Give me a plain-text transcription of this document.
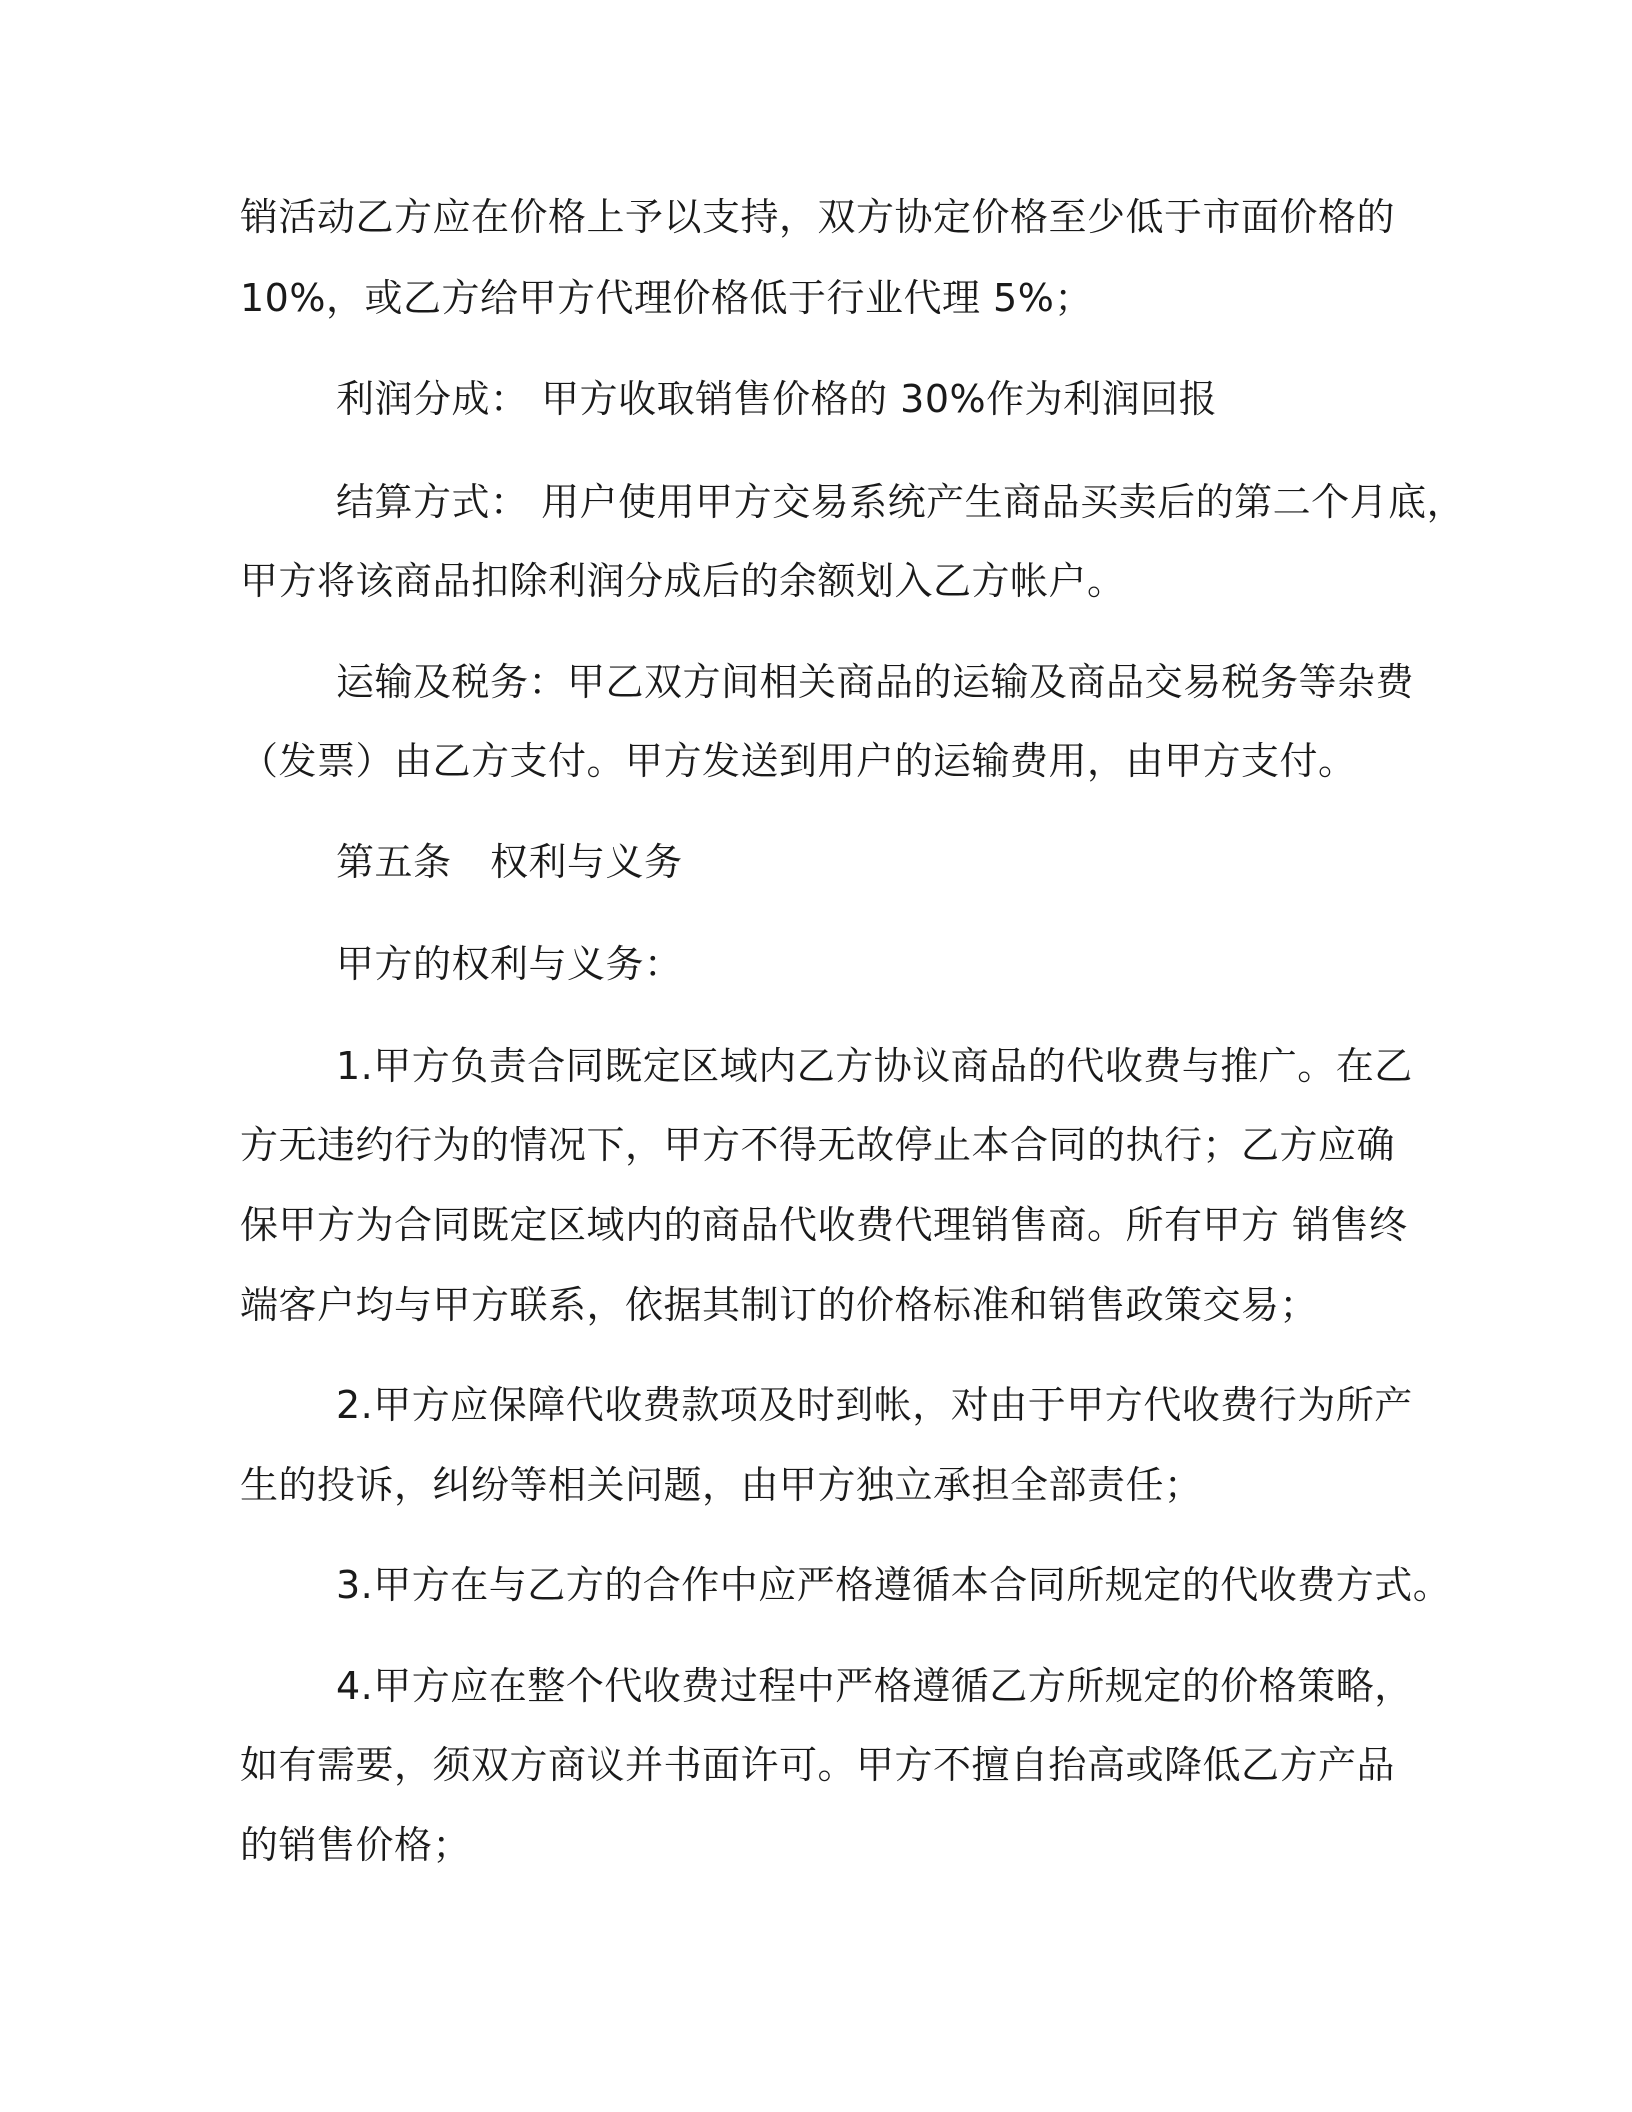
销活动乙方应在价格上予以支持，双方协定价格至少低于市面价格的
10%，或乙方给甲方代理价格低于行业代理 5%；
利润分成： 甲方收取销售价格的 30%作为利润回报
结算方式： 用户使用甲方交易系统产生商品买卖后的第二个月底，
甲方将该商品扣除利润分成后的余额划入乙方帐户。
运输及税务：甲乙双方间相关商品的运输及商品交易税务等杂费
（发票）由乙方支付。甲方发送到用户的运输费用，由甲方支付。
第五条　权利与义务
甲方的权利与义务：
1.甲方负责合同既定区域内乙方协议商品的代收费与推广。在乙
方无违约行为的情况下，甲方不得无故停止本合同的执行；乙方应确
保甲方为合同既定区域内的商品代收费代理销售商。所有甲方 销售终
端客户均与甲方联系，依据其制订的价格标准和销售政策交易；
2.甲方应保障代收费款项及时到帐，对由于甲方代收费行为所产
生的投诉，纠纷等相关问题，由甲方独立承担全部责任；
3.甲方在与乙方的合作中应严格遵循本合同所规定的代收费方式。
4.甲方应在整个代收费过程中严格遵循乙方所规定的价格策略，
如有需要，须双方商议并书面许可。甲方不擅自抬高或降低乙方产品
的销售价格；
